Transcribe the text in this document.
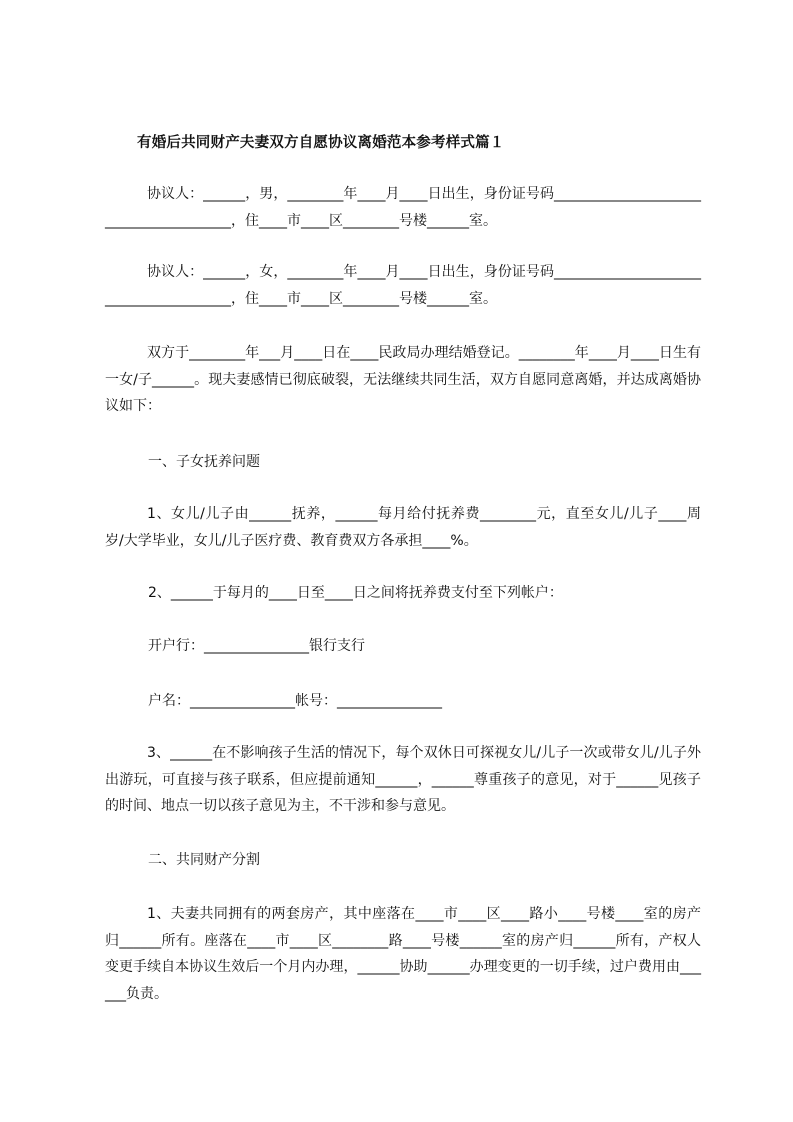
有婚后共同财产夫妻双方自愿协议离婚范本参考样式篇１
协议人：______，男，________年____月____日出生，身份证号码_______________________________________，住____市____区________号楼______室。
协议人：______，女，________年____月____日出生，身份证号码_______________________________________，住____市____区________号楼______室。
双方于________年___月____日在____民政局办理结婚登记。________年____月____日生有一女/子______。现夫妻感情已彻底破裂，无法继续共同生活，双方自愿同意离婚，并达成离婚协议如下：
一、子女抚养问题
1、女儿/儿子由______抚养，______每月给付抚养费________元，直至女儿/儿子____周岁/大学毕业，女儿/儿子医疗费、教育费双方各承担____%。
2、______于每月的____日至____日之间将抚养费支付至下列帐户：
开户行：_______________银行支行
户名：_______________帐号：_______________
3、______在不影响孩子生活的情况下，每个双休日可探视女儿/儿子一次或带女儿/儿子外出游玩，可直接与孩子联系，但应提前通知______，______尊重孩子的意见，对于______见孩子的时间、地点一切以孩子意见为主，不干涉和参与意见。
二、共同财产分割
1、夫妻共同拥有的两套房产，其中座落在____市____区____路小____号楼____室的房产归______所有。座落在____市____区________路____号楼______室的房产归______所有，产权人变更手续自本协议生效后一个月内办理，______协助______办理变更的一切手续，过户费用由______负责。
